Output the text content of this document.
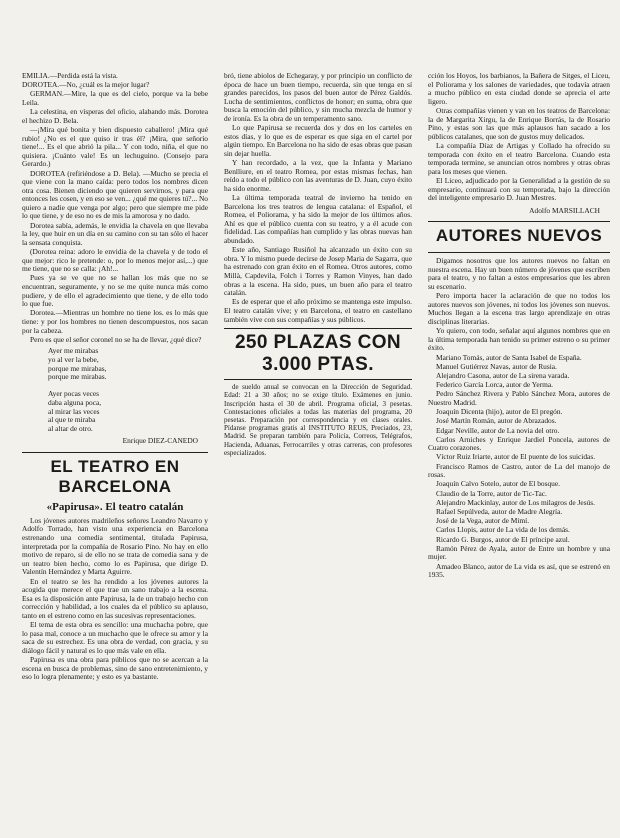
EMILIA.—Perdida está la vista.

DOROTEA.—No, ¿cuál es la mejor lugar?

GERMAN.—Mire, la que es del cielo, porque va la bebe Leila.

La celestina, en vísperas del oficio, alabando más. Dorotea el hechizo D. Bela.

—¡Mira qué bonita y bien dispuesto caballero! ¡Mira qué rubio! ¿No es el que quiso ir tras él? ¡Mira, que señorío tiene!... Es el que abrió la pila... Y con todo, niña, el que no quisiera. ¡Cuánto vale! Es un lechuguino. (Consejo para Gerardo.)

DOROTEA (refiriéndose a D. Bela). —Mucho se precia el que viene con la mano caída: pero todos los nombres dicen otra cosa. Bienen diciendo que quieren servirnos, y para que entonces les cosen, y en eso se ven... ¿qué me quieres tú?... No quiero a nadie que venga por algo; pero que siempre me pide lo que tiene, y de eso no es de mis la amorosa y no dado.

Dorotea sabía, además, le envidia la chavela en que llevaba la ley, que huir en un día en su camino con su tan sólo el hacer la sensata conquista.

(Dorotea reina: adoro le envidia de la chavela y de todo el que mejor: rico le pretende: o, por lo menos mejor así,...) que me tiene, que no se calla: ¡Ah!...

Pues ya se ve que no se hallan los más que no se encuentran, seguramente, y no se me quite nunca más como pudiere, y de ello el agradecimiento que tiene, y de ello todo lo que fue.

Dorotea.—Mientras un hombre no tiene los. es lo más que tiene: y por los hombres no tienen descompuestos, nos sacan por la cabeza.

Pero es que el señor coronel no se ha de llevar, ¿qué dice?

Ayer me mirabas
yo al ver la bebe,
porque me mirabas,
porque me mirabas.

Ayer pocas veces
daba alguna poca,
al mirar las veces
al que te miraba
al altar de otro.

Enrique DIEZ-CANEDO

EL TEATRO EN BARCELONA
«Papirusa». El teatro catalán

Los jóvenes autores madrileños señores Leandro Navarro y Adolfo Torrado, han visto una experiencia en Barcelona estrenando una comedia sentimental, titulada Papirusa, interpretada por la compañía de Rosario Pino. No hay en ello motivo de reparo, si de ello no se trata de comedia sana y de un teatro bien hecho, como lo es Papirusa, que dirige D. Valentín Hernández y Marta Aguirre.

En el teatro se les ha rendido a los jóvenes autores la acogida que merece el que trae un sano trabajo a la escena. Esa es la disposición ante Papirusa, la de un trabajo hecho con corrección y habilidad, a los cuales da el público su aplauso, tanto en el estreno como en las sucesivas representaciones.

El tema de esta obra es sencillo: una muchacha pobre, que lo pasa mal, conoce a un muchacho que le ofrece su amor y la saca de su estrechez. Es una obra de verdad, con gracia, y su diálogo fácil y natural es lo que más vale en ella.

Papirusa es una obra para públicos que no se acercan a la escena en busca de problemas, sino de sano entretenimiento, y eso lo logra plenamente; y esto es ya bastante.

bró, tiene abiolos de Echegaray, y por principio un conflicto de época de hace un buen tiempo, recuerda, sin que tenga en sí grandes parecidos, los pasos del buen autor de Pérez Galdós. Lucha de sentimientos, conflictos de honor; en suma, obra que busca la emoción del público, y sin mucha mezcla de humor y de ironía. Es la obra de un temperamento sano.

Lo que Papirusa se recuerda dos y dos en los carteles en estos días, y lo que es de esperar es que siga en el cartel por algún tiempo. En Barcelona no ha sido de esas obras que pasan sin dejar huella.

Y han recordado, a la vez, que la Infanta y Mariano Benlliure, en el teatro Romea, por estas mismas fechas, han reído a todo el público con las aventuras de D. Juan, cuyo éxito ha sido enorme.

La última temporada teatral de invierno ha tenido en Barcelona los tres teatros de lengua catalana: el Español, el Romea, el Poliorama, y ha sido la mejor de los últimos años. Ahí es que el público cuenta con su teatro, y a él acude con fidelidad. Las compañías han cumplido y las obras nuevas han abundado.

Este año, Santiago Rusiñol ha alcanzado un éxito con su obra. Y lo mismo puede decirse de Josep Maria de Sagarra, que ha estrenado con gran éxito en el Romea. Otros autores, como Millà, Capdevila, Folch i Torres y Ramon Vinyes, han dado obras a la escena. Ha sido, pues, un buen año para el teatro catalán.

Es de esperar que el año próximo se mantenga este impulso. El teatro catalán vive; y en Barcelona, el teatro en castellano también vive con sus compañías y sus públicos.

250 PLAZAS CON 3.000 PTAS.

de sueldo anual se convocan en la Dirección de Seguridad. Edad: 21 a 30 años; no se exige título. Exámenes en junio. Inscripción hasta el 30 de abril. Programa oficial, 3 pesetas. Contestaciones oficiales a todas las materias del programa, 20 pesetas. Preparación por correspondencia y en clases orales. Pídanse programas gratis al INSTITUTO REUS, Preciados, 23, Madrid. Se preparan también para Policía, Correos, Telégrafos, Hacienda, Aduanas, Ferrocarriles y otras carreras, con profesores especializados.

cción los Hoyos, los barbianos, la Bañera de Sitges, el Liceu, el Poliorama y los salones de variedades, que todavía atraen a mucho público en esta ciudad donde se aprecia el arte ligero.

Otras compañías vienen y van en los teatros de Barcelona: la de Margarita Xirgu, la de Enrique Borrás, la de Rosario Pino, y estas son las que más aplausos han sacado a los públicos catalanes, que son de gustos muy delicados.

La compañía Díaz de Artigas y Collado ha ofrecido su temporada con éxito en el teatro Barcelona. Cuando esta temporada termine, se anuncian otros nombres y otras obras para los meses que vienen.

El Liceo, adjudicado por la Generalidad a la gestión de su empresario, continuará con su temporada, bajo la dirección del inteligente empresario D. Juan Mestres.

Adolfo MARSILLACH

AUTORES NUEVOS

Digamos nosotros que los autores nuevos no faltan en nuestra escena. Hay un buen número de jóvenes que escriben para el teatro, y no faltan a estos empresarios que les abren su escenario.

Pero importa hacer la aclaración de que no todos los autores nuevos son jóvenes, ni todos los jóvenes son nuevos. Muchos llegan a la escena tras largo aprendizaje en otras disciplinas literarias.

Yo quiero, con todo, señalar aquí algunos nombres que en la última temporada han tenido su primer estreno o su primer éxito.

Mariano Tomás, autor de Santa Isabel de España.

Manuel Gutiérrez Navas, autor de Rusia.

Alejandro Casona, autor de La sirena varada.

Federico García Lorca, autor de Yerma.

Pedro Sánchez Rivera y Pablo Sánchez Mora, autores de Nuestro Madrid.

Joaquín Dicenta (hijo), autor de El pregón.

José Martín Román, autor de Abrazados.

Edgar Neville, autor de La novia del otro.

Carlos Arniches y Enrique Jardiel Poncela, autores de Cuatro corazones.

Víctor Ruiz Iriarte, autor de El puente de los suicidas.

Francisco Ramos de Castro, autor de La del manojo de rosas.

Joaquín Calvo Sotelo, autor de El bosque.

Claudio de la Torre, autor de Tic-Tac.

Alejandro Mackinlay, autor de Los milagros de Jesús.

Rafael Sepúlveda, autor de Madre Alegría.

José de la Vega, autor de Mimí.

Carlos Llopis, autor de La vida de los demás.

Ricardo G. Burgos, autor de El príncipe azul.

Ramón Pérez de Ayala, autor de Entre un hombre y una mujer.

Amadeo Blanco, autor de La vida es así, que se estrenó en 1935.
